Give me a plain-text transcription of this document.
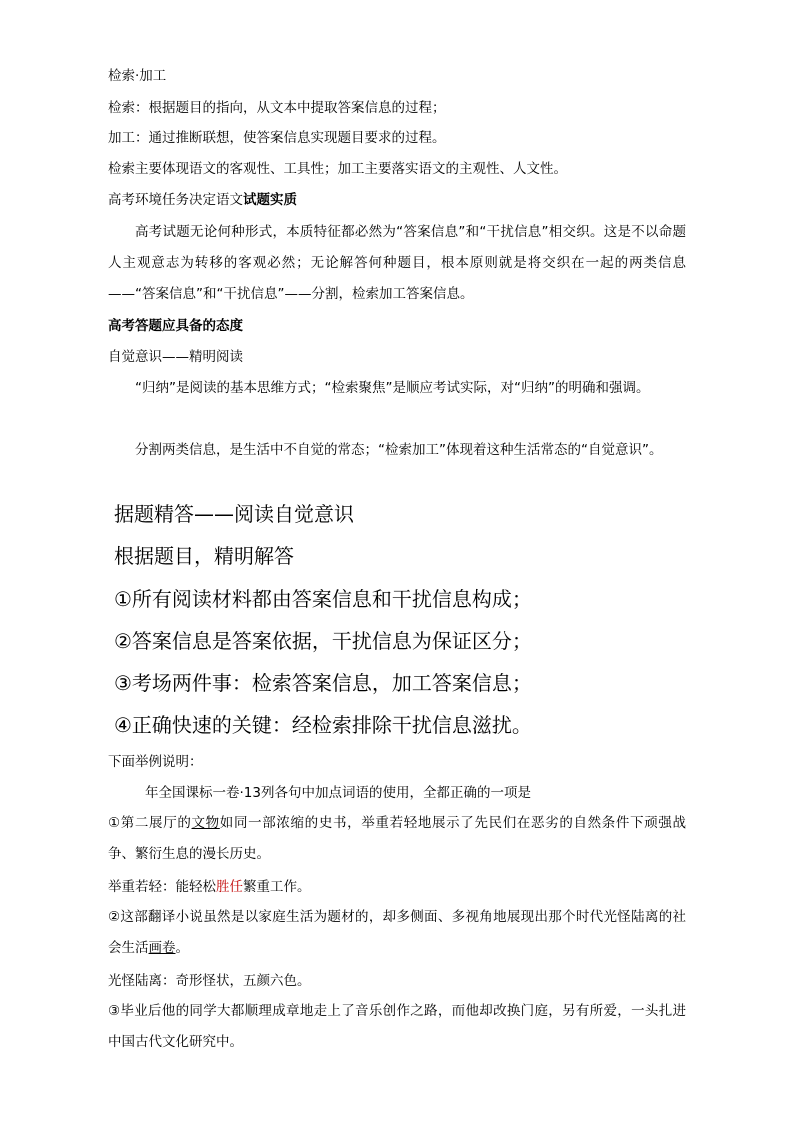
检索·加工
检索：根据题目的指向，从文本中提取答案信息的过程；
加工：通过推断联想，使答案信息实现题目要求的过程。
检索主要体现语文的客观性、工具性；加工主要落实语文的主观性、人文性。
高考环境任务决定语文试题实质
高考试题无论何种形式，本质特征都必然为“答案信息”和“干扰信息”相交织。这是不以命题人主观意志为转移的客观必然；无论解答何种题目，根本原则就是将交织在一起的两类信息——“答案信息”和“干扰信息”——分割，检索加工答案信息。
高考答题应具备的态度
自觉意识——精明阅读
“归纳”是阅读的基本思维方式；“检索聚焦”是顺应考试实际，对“归纳”的明确和强调。
分割两类信息，是生活中不自觉的常态；“检索加工”体现着这种生活常态的“自觉意识”。
据题精答——阅读自觉意识
根据题目，精明解答
①所有阅读材料都由答案信息和干扰信息构成；
②答案信息是答案依据，干扰信息为保证区分；
③考场两件事：检索答案信息，加工答案信息；
④正确快速的关键：经检索排除干扰信息滋扰。
下面举例说明：
年全国课标一卷·13列各句中加点词语的使用，全都正确的一项是
①第二展厅的文物如同一部浓缩的史书，举重若轻地展示了先民们在恶劣的自然条件下顽强战争、繁衍生息的漫长历史。
举重若轻：能轻松胜任繁重工作。
②这部翻译小说虽然是以家庭生活为题材的，却多侧面、多视角地展现出那个时代光怪陆离的社会生活画卷。
光怪陆离：奇形怪状，五颜六色。
③毕业后他的同学大都顺理成章地走上了音乐创作之路，而他却改换门庭，另有所爱，一头扎进中国古代文化研究中。
